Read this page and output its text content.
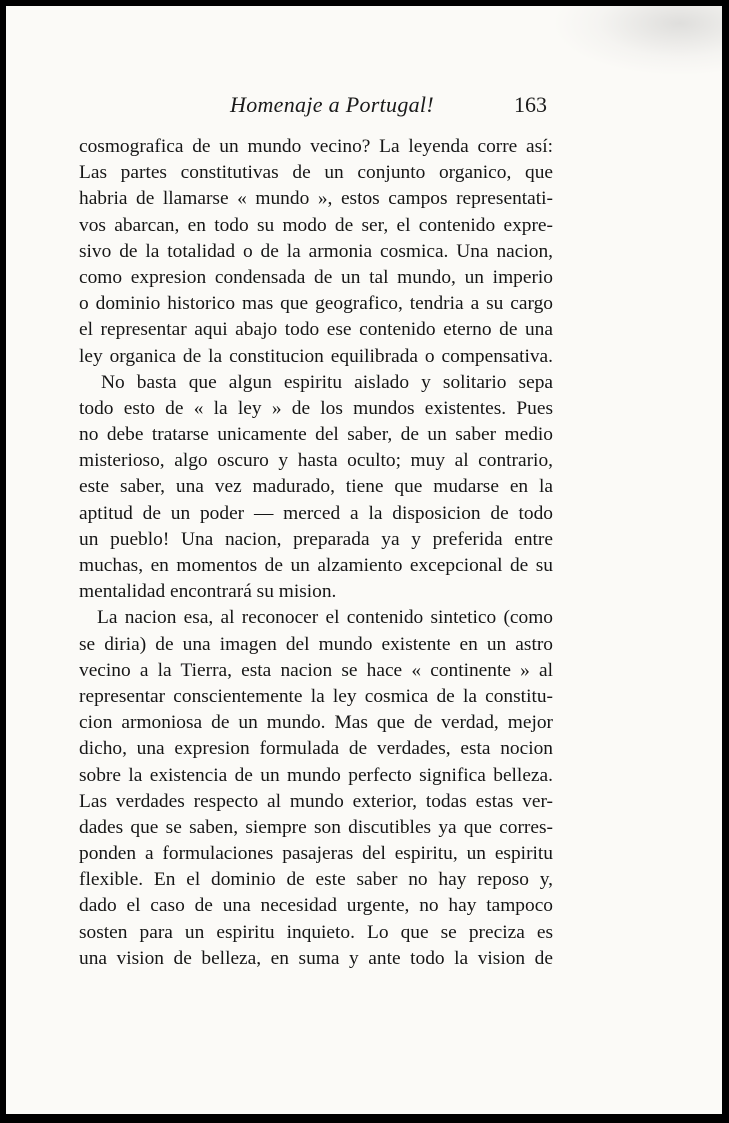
Homenaje a Portugal!	163
cosmografica de un mundo vecino? La leyenda corre así:
Las partes constitutivas de un conjunto organico, que
habria de llamarse « mundo », estos campos representati-
vos abarcan, en todo su modo de ser, el contenido expre-
sivo de la totalidad o de la armonia cosmica. Una nacion,
como expresion condensada de un tal mundo, un imperio
o dominio historico mas que geografico, tendria a su cargo
el representar aqui abajo todo ese contenido eterno de una
ley organica de la constitucion equilibrada o compensativa.
No basta que algun espiritu aislado y solitario sepa
todo esto de « la ley » de los mundos existentes. Pues
no debe tratarse unicamente del saber, de un saber medio
misterioso, algo oscuro y hasta oculto; muy al contrario,
este saber, una vez madurado, tiene que mudarse en la
aptitud de un poder — merced a la disposicion de todo
un pueblo! Una nacion, preparada ya y preferida entre
muchas, en momentos de un alzamiento excepcional de su
mentalidad encontrará su mision.
La nacion esa, al reconocer el contenido sintetico (como
se diria) de una imagen del mundo existente en un astro
vecino a la Tierra, esta nacion se hace « continente » al
representar conscientemente la ley cosmica de la constitu-
cion armoniosa de un mundo. Mas que de verdad, mejor
dicho, una expresion formulada de verdades, esta nocion
sobre la existencia de un mundo perfecto significa belleza.
Las verdades respecto al mundo exterior, todas estas ver-
dades que se saben, siempre son discutibles ya que corres-
ponden a formulaciones pasajeras del espiritu, un espiritu
flexible. En el dominio de este saber no hay reposo y,
dado el caso de una necesidad urgente, no hay tampoco
sosten para un espiritu inquieto. Lo que se preciza es
una vision de belleza, en suma y ante todo la vision de
